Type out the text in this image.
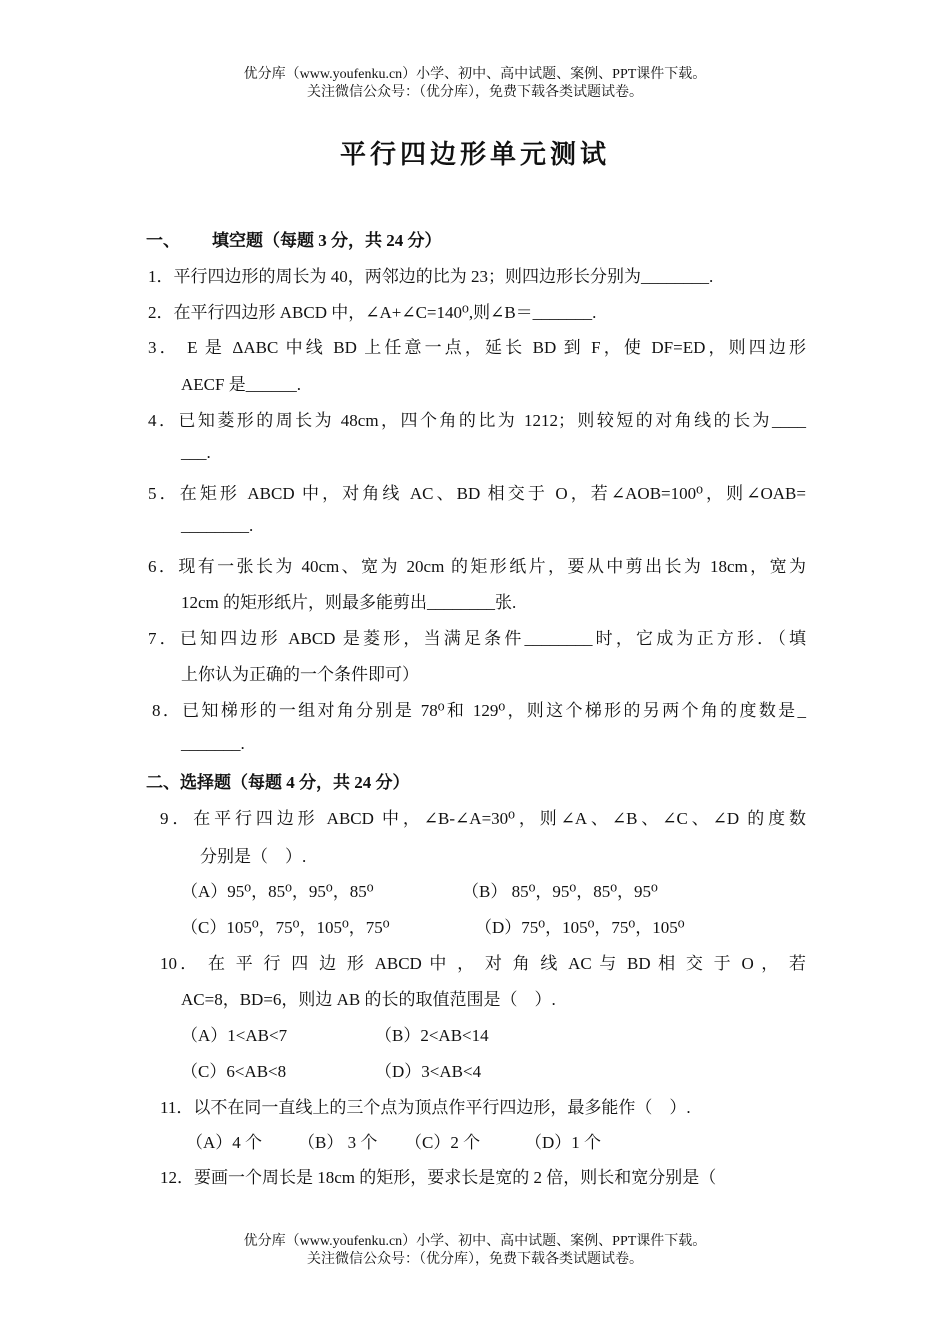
优分库（www.youfenku.cn）小学、初中、高中试题、案例、PPT课件下载。
关注微信公众号：（优分库），免费下载各类试题试卷。
平行四边形单元测试
一、 填空题（每题 3 分，共 24 分）
1．平行四边形的周长为 40，两邻边的比为 23；则四边形长分别为________.
2．在平行四边形 ABCD 中，∠A+∠C=140⁰,则∠B＝_______.
3． E 是 ΔABC 中线 BD 上任意一点，延长 BD 到 F，使 DF=ED，则四边形
AECF 是______.
4．已知菱形的周长为 48cm，四个角的比为 1212；则较短的对角线的长为____
___.
5．在矩形 ABCD 中，对角线 AC、BD 相交于 O，若∠AOB=100⁰，则∠OAB=
________.
6．现有一张长为 40cm、宽为 20cm 的矩形纸片，要从中剪出长为 18cm，宽为
12cm 的矩形纸片，则最多能剪出________张.
7．已知四边形 ABCD 是菱形，当满足条件________时，它成为正方形．（填
上你认为正确的一个条件即可）
8．已知梯形的一组对角分别是 78⁰和 129⁰，则这个梯形的另两个角的度数是_
_______.
二、选择题（每题 4 分，共 24 分）
9．在平行四边形 ABCD 中，∠B-∠A=30⁰，则∠A、∠B、∠C、∠D 的度数
分别是（　）.
（A）95⁰，85⁰，95⁰，85⁰	（B） 85⁰，95⁰，85⁰，95⁰
（C）105⁰，75⁰，105⁰，75⁰	（D）75⁰，105⁰，75⁰，105⁰
10． 在 平 行 四 边 形 ABCD 中 ， 对 角 线 AC 与 BD 相 交 于 O ， 若
AC=8，BD=6，则边 AB 的长的取值范围是（　）.
（A）1<AB<7	（B）2<AB<14
（C）6<AB<8	（D）3<AB<4
11．以不在同一直线上的三个点为顶点作平行四边形，最多能作（　）.
（A）4 个 （B） 3 个 （C）2 个	（D）1 个
12．要画一个周长是 18cm 的矩形，要求长是宽的 2 倍，则长和宽分别是（
优分库（www.youfenku.cn）小学、初中、高中试题、案例、PPT课件下载。
关注微信公众号：（优分库），免费下载各类试题试卷。
